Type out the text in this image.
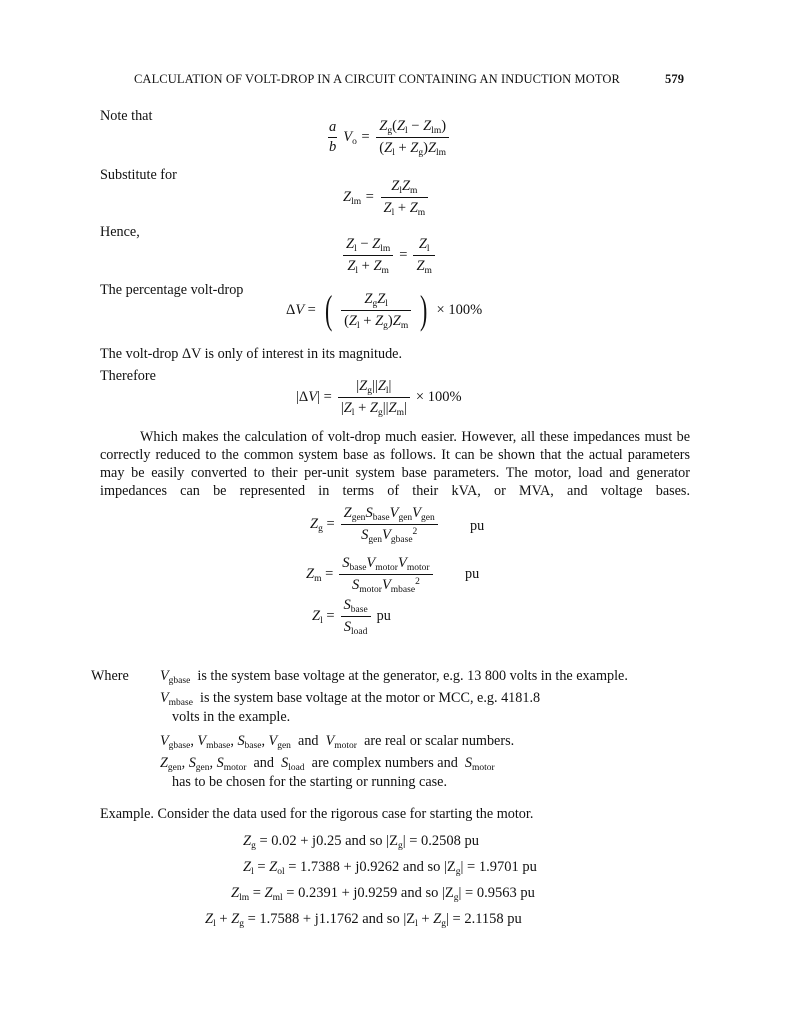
CALCULATION OF VOLT-DROP IN A CIRCUIT CONTAINING AN INDUCTION MOTOR	579
Note that
$\frac{a}{b} V_o = \frac{Z_g(Z_l - Z_{lm})}{(Z_l + Z_g)Z_{lm}}$
Substitute for
$Z_{lm} = \frac{Z_lZ_m}{Z_l + Z_m}$
Hence,
$\frac{Z_l - Z_{lm}}{Z_l + Z_m} = \frac{Z_l}{Z_m}$
The percentage volt-drop
ΔV = ( $\frac{Z_gZ_l}{(Z_l + Z_g)Z_m}$ ) × 100%
The volt-drop ΔV is only of interest in its magnitude.
Therefore
| $\Delta V| = \frac{|Z_g||Z_l|}{|Z_l + Z_g||Z_m|} \times 100\%$
Which makes the calculation of volt-drop much easier. However, all these impedances must be correctly reduced to the common system base as follows. It can be shown that the actual parameters may be easily converted to their per-unit system base parameters. The motor, load and generator impedances can be represented in terms of their kVA, or MVA, and voltage bases.
$Z_g = \frac{Z_{gen}S_{base}V_{gen}V_{gen}}{S_{gen}V_{gbase}^2}$ pu
$Z_m = \frac{S_{base}V_{motor}V_{motor}}{S_{motor}V_{mbase}^2}$ pu
$Z_l = \frac{S_{base}}{S_{load}}$ pu
Where $V_{gbase}$ is the system base voltage at the generator, e.g. 13 800 volts in the example.
$V_{mbase}$ is the system base voltage at the motor or MCC, e.g. 4181.8
volts in the example.
$V_{gbase}$, $V_{mbase}$, $S_{base}$, $V_{gen}$ and $V_{motor}$ are real or scalar numbers.
$Z_{gen}$, $S_{gen}$, $S_{motor}$ and $S_{load}$ are complex numbers and $S_{motor}$
has to be chosen for the starting or running case.
Example. Consider the data used for the rigorous case for starting the motor.
$Z_g = 0.02 + j0.25$ and so $|Z_g| = 0.2508$ pu
$Z_l = Z_{ol} = 1.7388 + j0.9262$ and so $|Z_g| = 1.9701$ pu
$Z_{lm} = Z_{ml} = 0.2391 + j0.9259$ and so $|Z_g| = 0.9563$ pu
$Z_l + Z_g = 1.7588 + j1.1762$ and so $|Z_l + Z_g| = 2.1158$ pu
